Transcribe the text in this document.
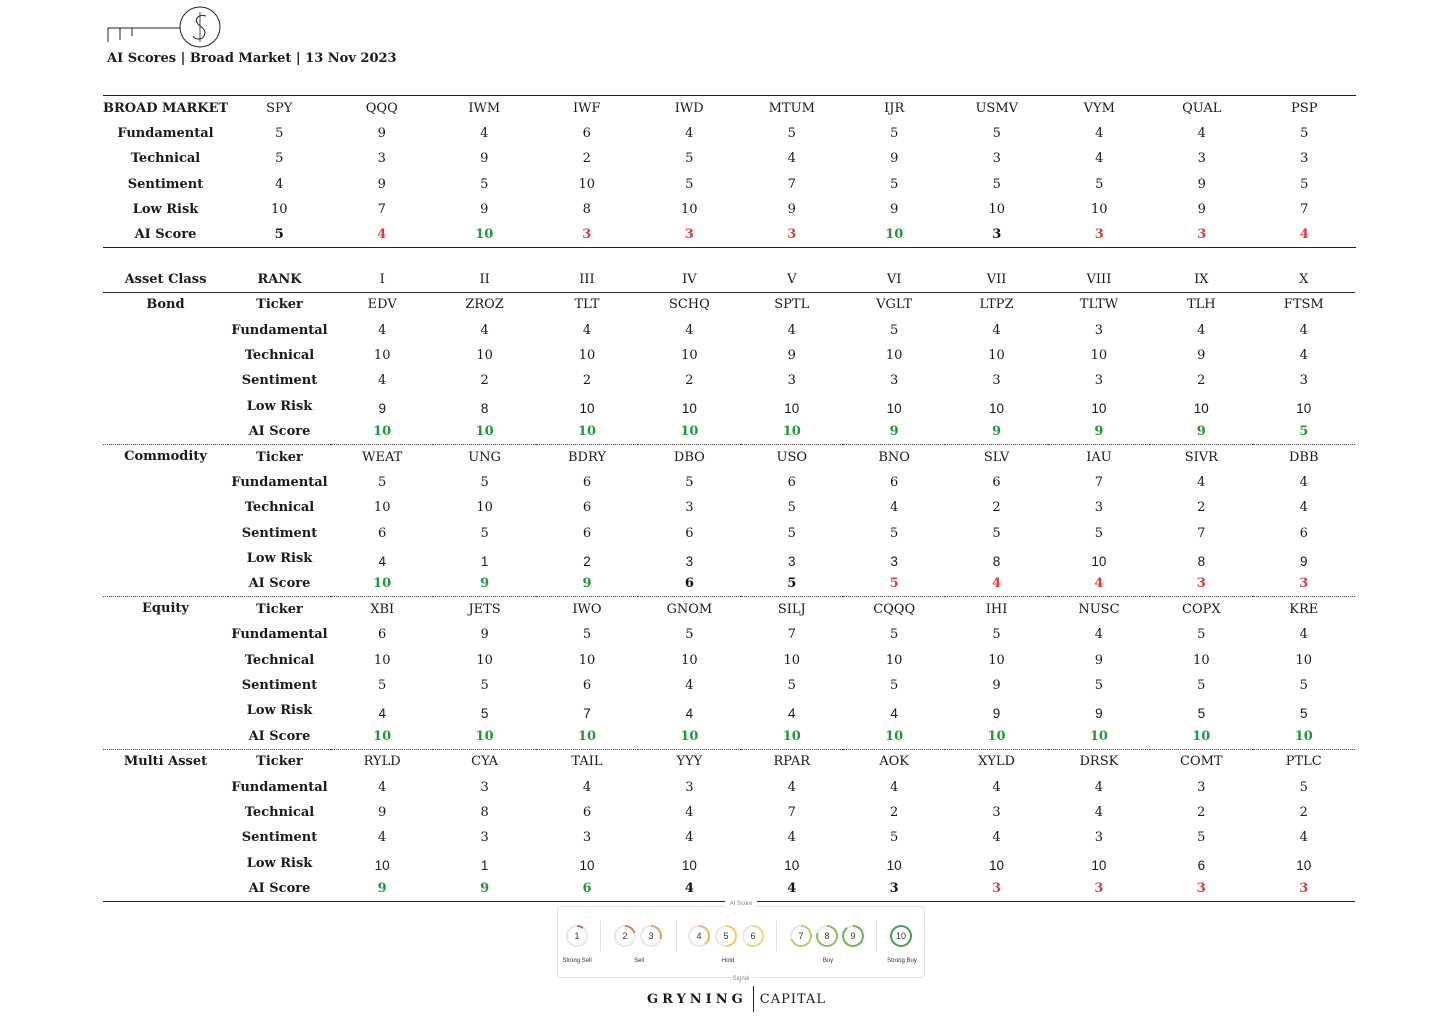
AI Scores | Broad Market | 13 Nov 2023
BROAD MARKET	SPY	QQQ	IWM	IWF	IWD	MTUM	IJR	USMV	VYM	QUAL	PSP
Fundamental	5	9	4	6	4	5	5	5	4	4	5
Technical	5	3	9	2	5	4	9	3	4	3	3
Sentiment	4	9	5	10	5	7	5	5	5	9	5
Low Risk	10	7	9	8	10	9	9	10	10	9	7
AI Score	5	4	10	3	3	3	10	3	3	3	4
Asset Class	RANK	I	II	III	IV	V	VI	VII	VIII	IX	X
Bond	Ticker	EDV	ZROZ	TLT	SCHQ	SPTL	VGLT	LTPZ	TLTW	TLH	FTSM
	Fundamental	4	4	4	4	4	5	4	3	4	4
	Technical	10	10	10	10	9	10	10	10	9	4
	Sentiment	4	2	2	2	3	3	3	3	2	3
	Low Risk	9	8	10	10	10	10	10	10	10	10
	AI Score	10	10	10	10	10	9	9	9	9	5
Commodity	Ticker	WEAT	UNG	BDRY	DBO	USO	BNO	SLV	IAU	SIVR	DBB
	Fundamental	5	5	6	5	6	6	6	7	4	4
	Technical	10	10	6	3	5	4	2	3	2	4
	Sentiment	6	5	6	6	5	5	5	5	7	6
	Low Risk	4	1	2	3	3	3	8	10	8	9
	AI Score	10	9	9	6	5	5	4	4	3	3
Equity	Ticker	XBI	JETS	IWO	GNOM	SILJ	CQQQ	IHI	NUSC	COPX	KRE
	Fundamental	6	9	5	5	7	5	5	4	5	4
	Technical	10	10	10	10	10	10	10	9	10	10
	Sentiment	5	5	6	4	5	5	9	5	5	5
	Low Risk	4	5	7	4	4	4	9	9	5	5
	AI Score	10	10	10	10	10	10	10	10	10	10
Multi Asset	Ticker	RYLD	CYA	TAIL	YYY	RPAR	AOK	XYLD	DRSK	COMT	PTLC
	Fundamental	4	3	4	3	4	4	4	4	3	5
	Technical	9	8	6	4	7	2	3	4	2	2
	Sentiment	4	3	3	4	4	5	4	3	5	4
	Low Risk	10	1	10	10	10	10	10	10	6	10
	AI Score	9	9	6	4	4	3	3	3	3	3
AI Score
Signal
1	2	3	4	5	6	7	8	9	10
Strong Sell	Sell	Hold	Buy	Strong Buy
GRYNING CAPITAL
